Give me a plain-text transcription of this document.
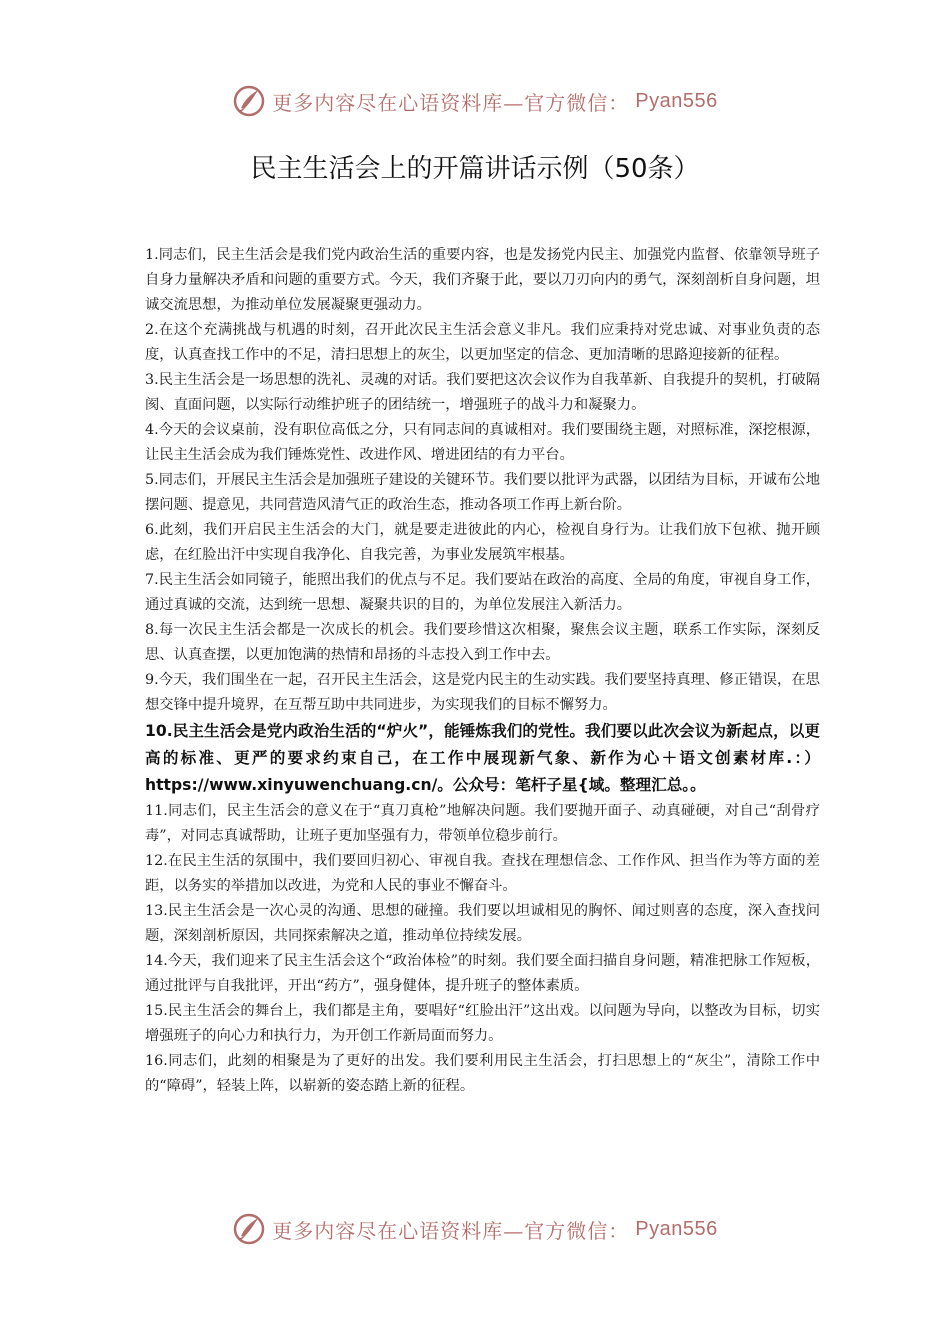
更多内容尽在心语资料库—官方微信： Pyan556
民主生活会上的开篇讲话示例（50条）

1.同志们，民主生活会是我们党内政治生活的重要内容，也是发扬党内民主、加强党内监督、依靠领导班子自身力量解决矛盾和问题的重要方式。今天，我们齐聚于此，要以刀刃向内的勇气，深刻剖析自身问题，坦诚交流思想，为推动单位发展凝聚更强动力。

2.在这个充满挑战与机遇的时刻，召开此次民主生活会意义非凡。我们应秉持对党忠诚、对事业负责的态度，认真查找工作中的不足，清扫思想上的灰尘，以更加坚定的信念、更加清晰的思路迎接新的征程。

3.民主生活会是一场思想的洗礼、灵魂的对话。我们要把这次会议作为自我革新、自我提升的契机，打破隔阂、直面问题，以实际行动维护班子的团结统一，增强班子的战斗力和凝聚力。

4.今天的会议桌前，没有职位高低之分，只有同志间的真诚相对。我们要围绕主题，对照标准，深挖根源，让民主生活会成为我们锤炼党性、改进作风、增进团结的有力平台。

5.同志们，开展民主生活会是加强班子建设的关键环节。我们要以批评为武器，以团结为目标，开诚布公地摆问题、提意见，共同营造风清气正的政治生态，推动各项工作再上新台阶。

6.此刻，我们开启民主生活会的大门，就是要走进彼此的内心，检视自身行为。让我们放下包袱、抛开顾虑，在红脸出汗中实现自我净化、自我完善，为事业发展筑牢根基。

7.民主生活会如同镜子，能照出我们的优点与不足。我们要站在政治的高度、全局的角度，审视自身工作，通过真诚的交流，达到统一思想、凝聚共识的目的，为单位发展注入新活力。

8.每一次民主生活会都是一次成长的机会。我们要珍惜这次相聚，聚焦会议主题，联系工作实际，深刻反思、认真查摆，以更加饱满的热情和昂扬的斗志投入到工作中去。

9.今天，我们围坐在一起，召开民主生活会，这是党内民主的生动实践。我们要坚持真理、修正错误，在思想交锋中提升境界，在互帮互助中共同进步，为实现我们的目标不懈努力。

10.民主生活会是党内政治生活的“炉火”，能锤炼我们的党性。我们要以此次会议为新起点，以更高的标准、更严的要求约束自己，在工作中展现新气象、新作为心＋语文创素材库.：）https://www.xinyuwenchuang.cn/。公众号：笔杆子星{域。整理汇总。。

11.同志们，民主生活会的意义在于“真刀真枪”地解决问题。我们要抛开面子、动真碰硬，对自己“刮骨疗毒”，对同志真诚帮助，让班子更加坚强有力，带领单位稳步前行。

12.在民主生活的氛围中，我们要回归初心、审视自我。查找在理想信念、工作作风、担当作为等方面的差距，以务实的举措加以改进，为党和人民的事业不懈奋斗。

13.民主生活会是一次心灵的沟通、思想的碰撞。我们要以坦诚相见的胸怀、闻过则喜的态度，深入查找问题，深刻剖析原因，共同探索解决之道，推动单位持续发展。

14.今天，我们迎来了民主生活会这个“政治体检”的时刻。我们要全面扫描自身问题，精准把脉工作短板，通过批评与自我批评，开出“药方”，强身健体，提升班子的整体素质。

15.民主生活会的舞台上，我们都是主角，要唱好“红脸出汗”这出戏。以问题为导向，以整改为目标，切实增强班子的向心力和执行力，为开创工作新局面而努力。

16.同志们，此刻的相聚是为了更好的出发。我们要利用民主生活会，打扫思想上的“灰尘”，清除工作中的“障碍”，轻装上阵，以崭新的姿态踏上新的征程。

更多内容尽在心语资料库—官方微信： Pyan556
